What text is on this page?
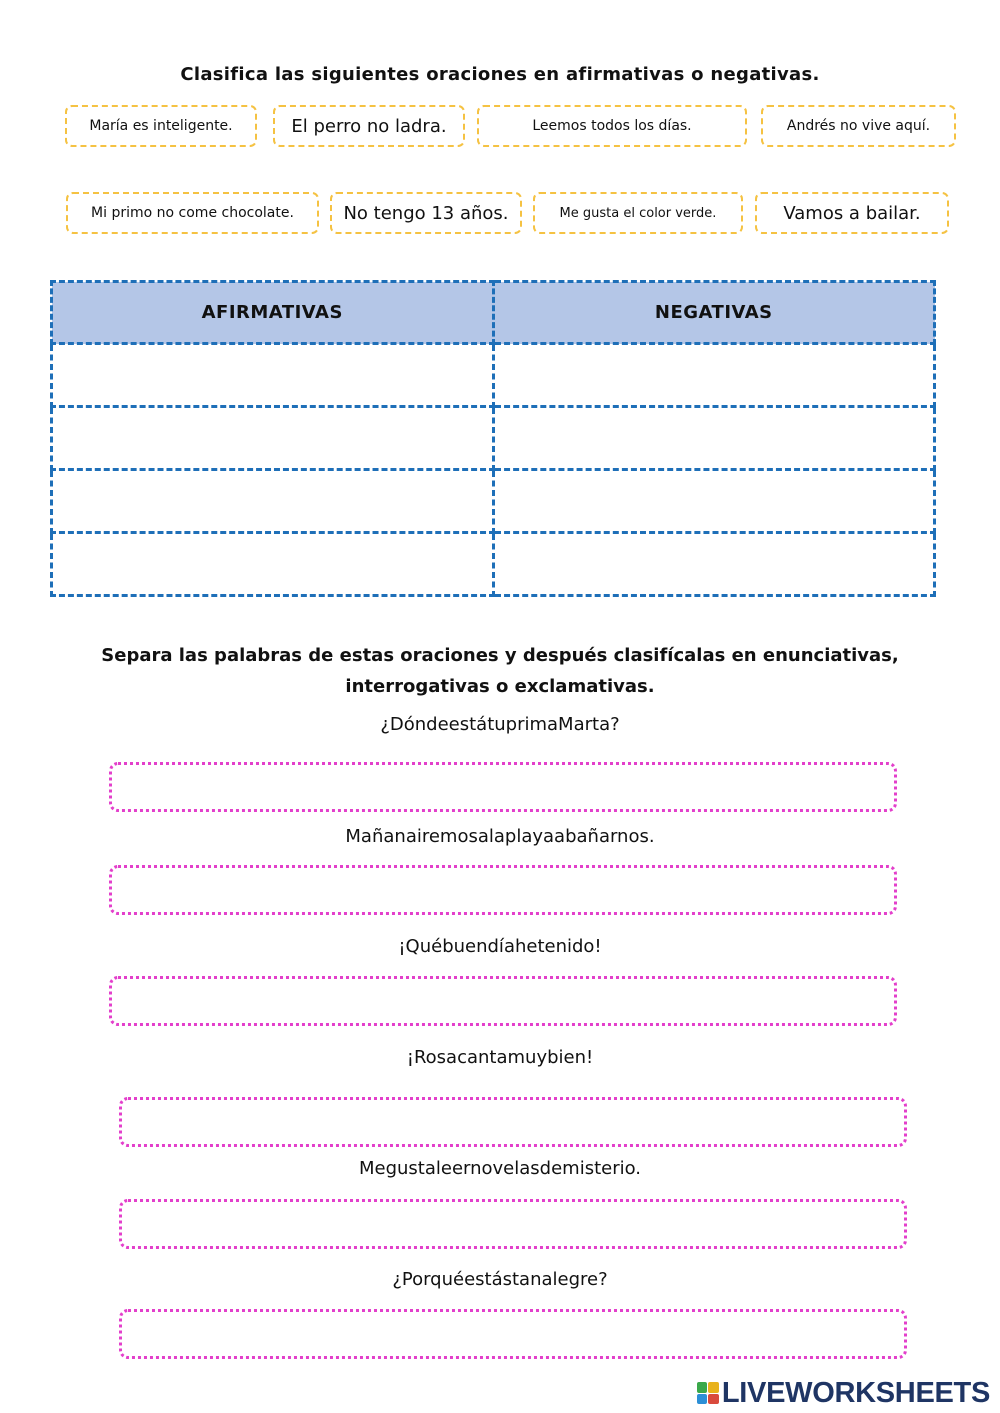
Clasifica las siguientes oraciones en afirmativas o negativas.
María es inteligente.	El perro no ladra.	Leemos todos los días.	Andrés no vive aquí.
Mi primo no come chocolate.	No tengo 13 años.	Me gusta el color verde.	Vamos a bailar.
AFIRMATIVAS	NEGATIVAS

Separa las palabras de estas oraciones y después clasifícalas en enunciativas,
interrogativas o exclamativas.
¿DóndeestátuprimaMarta?
Mañanairemosalaplayaabañarnos.
¡Québuendíahetenido!
¡Rosacantamuybien!
Megustaleernovelasdemisterio.
¿Porquéestástanalegre?
LIVEWORKSHEETS
